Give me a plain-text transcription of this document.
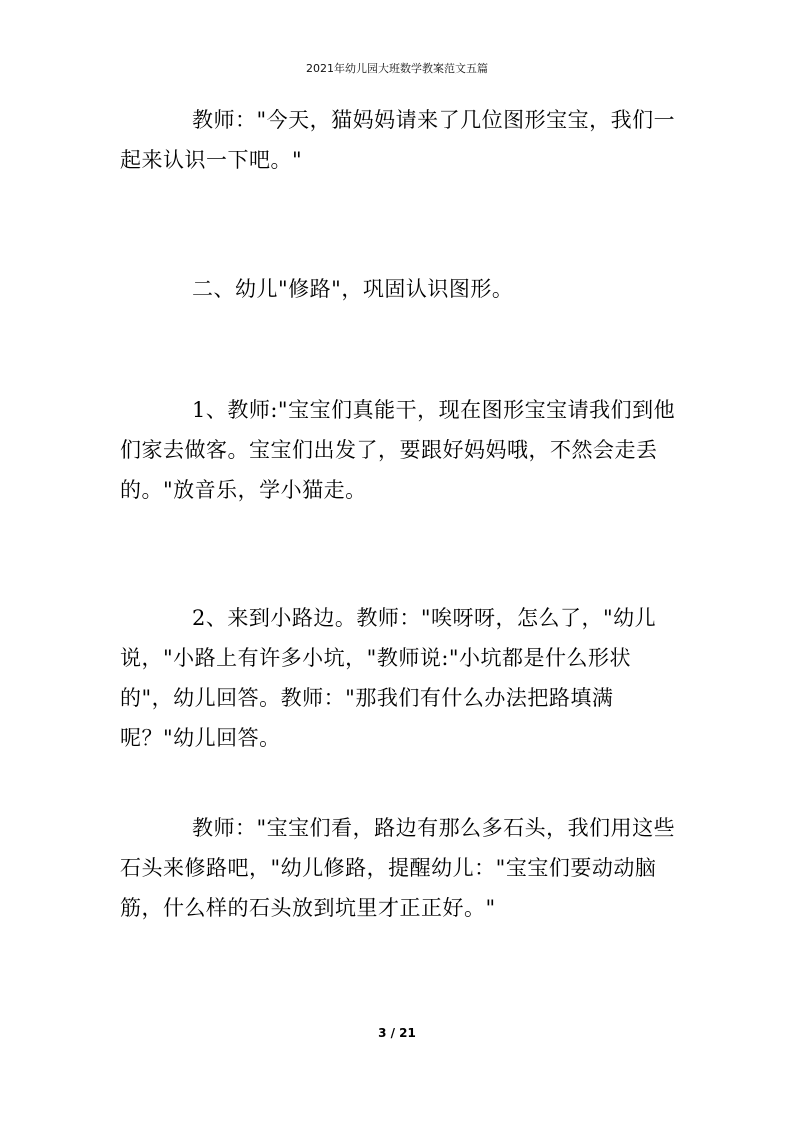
2021年幼儿园大班数学教案范文五篇

教师："今天，猫妈妈请来了几位图形宝宝，我们一起来认识一下吧。"

二、幼儿"修路"，巩固认识图形。

1、教师:"宝宝们真能干，现在图形宝宝请我们到他们家去做客。宝宝们出发了，要跟好妈妈哦，不然会走丢的。"放音乐，学小猫走。

2、来到小路边。教师："唉呀呀，怎么了，"幼儿说，"小路上有许多小坑，"教师说:"小坑都是什么形状的"，幼儿回答。教师："那我们有什么办法把路填满呢？"幼儿回答。

教师："宝宝们看，路边有那么多石头，我们用这些石头来修路吧，"幼儿修路，提醒幼儿："宝宝们要动动脑筋，什么样的石头放到坑里才正正好。"

3 / 21
